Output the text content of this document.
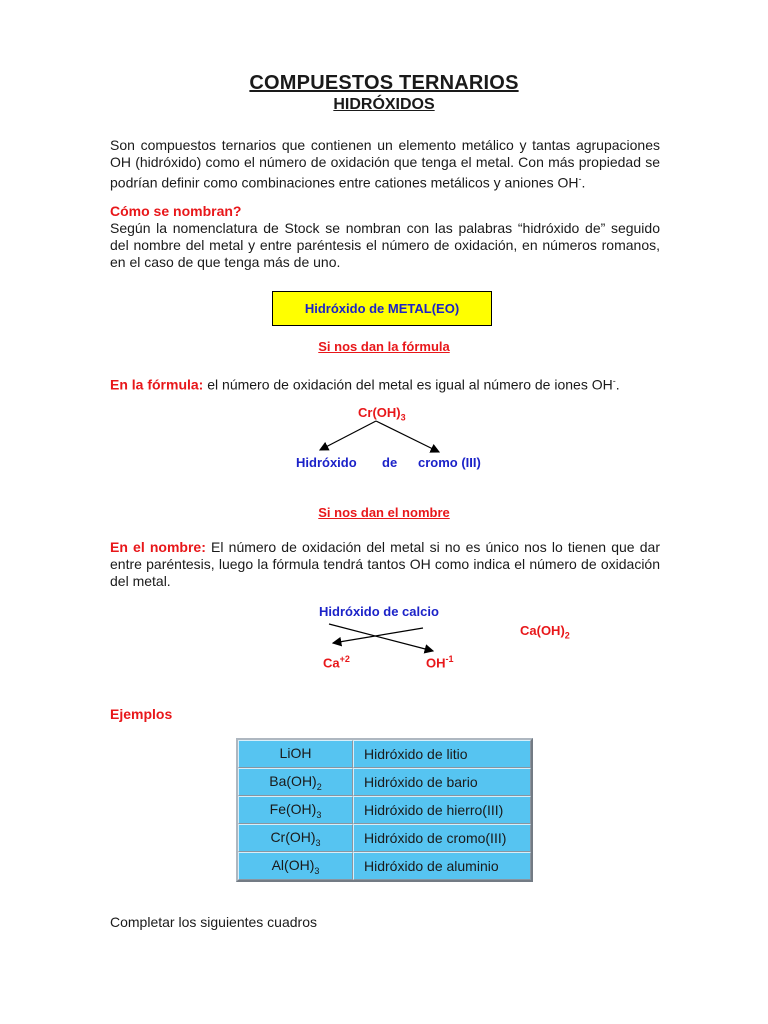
COMPUESTOS TERNARIOS
HIDRÓXIDOS
Son compuestos ternarios que contienen un elemento metálico y tantas agrupaciones OH (hidróxido) como el número de oxidación que tenga el metal. Con más propiedad se podrían definir como combinaciones entre cationes metálicos y aniones OH-.
Cómo se nombran?
Según la nomenclatura de Stock se nombran con las palabras “hidróxido de” seguido del nombre del metal y entre paréntesis el número de oxidación, en números romanos, en el caso de que tenga más de uno.
Hidróxido de METAL(EO)
Si nos dan la fórmula
En la fórmula: el número de oxidación del metal es igual al número de iones OH-.
$Cr(OH)_3$
Hidróxido de cromo (III)
Si nos dan el nombre
En el nombre: El número de oxidación del metal si no es único nos lo tienen que dar entre paréntesis, luego la fórmula tendrá tantos OH como indica el número de oxidación del metal.
Hidróxido de calcio
$Ca^{+2}$	$OH^{-1}$
$Ca(OH)_2$
Ejemplos
LiOH	Hidróxido de litio
$Ba(OH)_2$	Hidróxido de bario
$Fe(OH)_3$	Hidróxido de hierro(III)
$Cr(OH)_3$	Hidróxido de cromo(III)
$Al(OH)_3$	Hidróxido de aluminio
Completar los siguientes cuadros
